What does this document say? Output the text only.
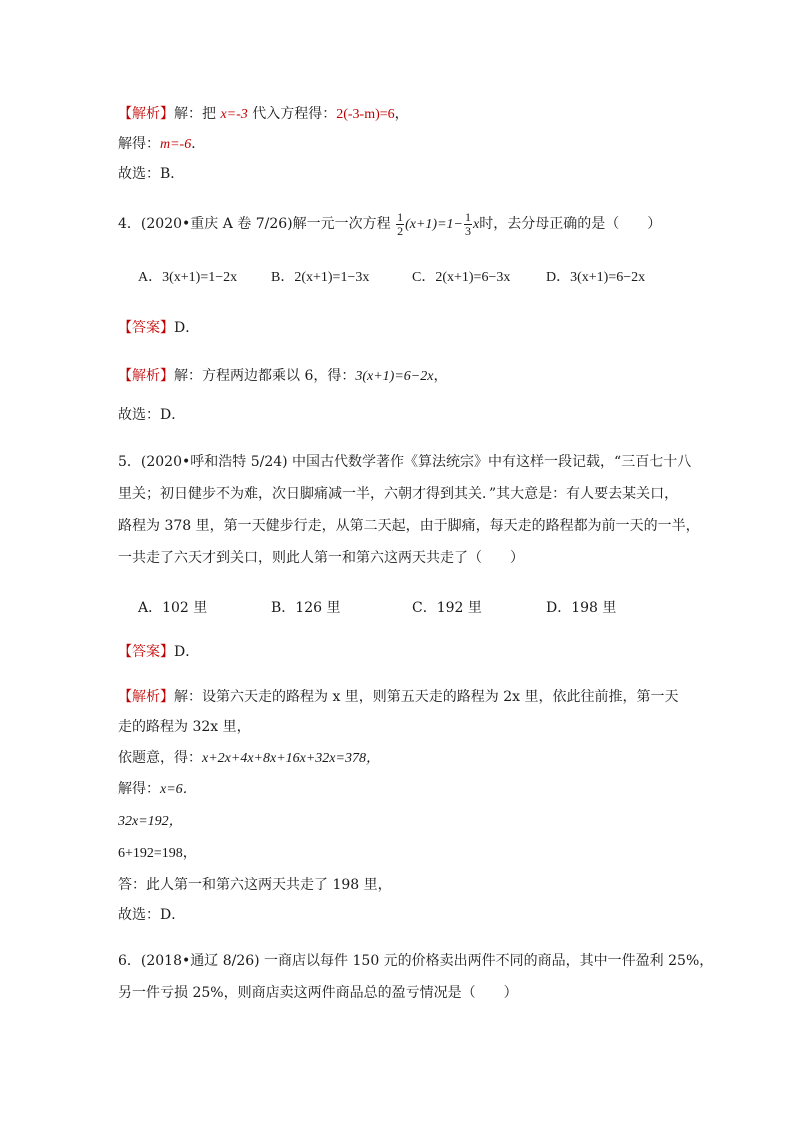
【解析】解：把 x=-3 代入方程得：2(-3-m)=6，
解得：m=-6．
故选：B．
4．(2020•重庆 A 卷 7/26)解一元一次方程 $\frac{1}{2} (x+1)=1- \frac{1}{3}$ x时，去分母正确的是（　　）
A．3(x+1)=1−2x B．2(x+1)=1−3x	C．2(x+1)=6−3x	D．3(x+1)=6−2x
【答案】D．
【解析】解：方程两边都乘以 6，得：3(x+1)=6−2x，
故选：D．
5．(2020•呼和浩特 5/24) 中国古代数学著作《算法统宗》中有这样一段记载，“三百七十八
里关；初日健步不为难，次日脚痛减一半，六朝才得到其关．”其大意是：有人要去某关口，
路程为 378 里，第一天健步行走，从第二天起，由于脚痛，每天走的路程都为前一天的一半，
一共走了六天才到关口，则此人第一和第六这两天共走了（　　）
A．102 里	B．126 里	C．192 里	D．198 里
【答案】D．
【解析】解：设第六天走的路程为 x 里，则第五天走的路程为 2x 里，依此往前推，第一天
走的路程为 32x 里，
依题意，得：x+2x+4x+8x+16x+32x=378，
解得：x=6．
32x=192，
6+192=198，
答：此人第一和第六这两天共走了 198 里，
故选：D．
6．(2018•通辽 8/26) 一商店以每件 150 元的价格卖出两件不同的商品，其中一件盈利 25%，
另一件亏损 25%，则商店卖这两件商品总的盈亏情况是（　　）
